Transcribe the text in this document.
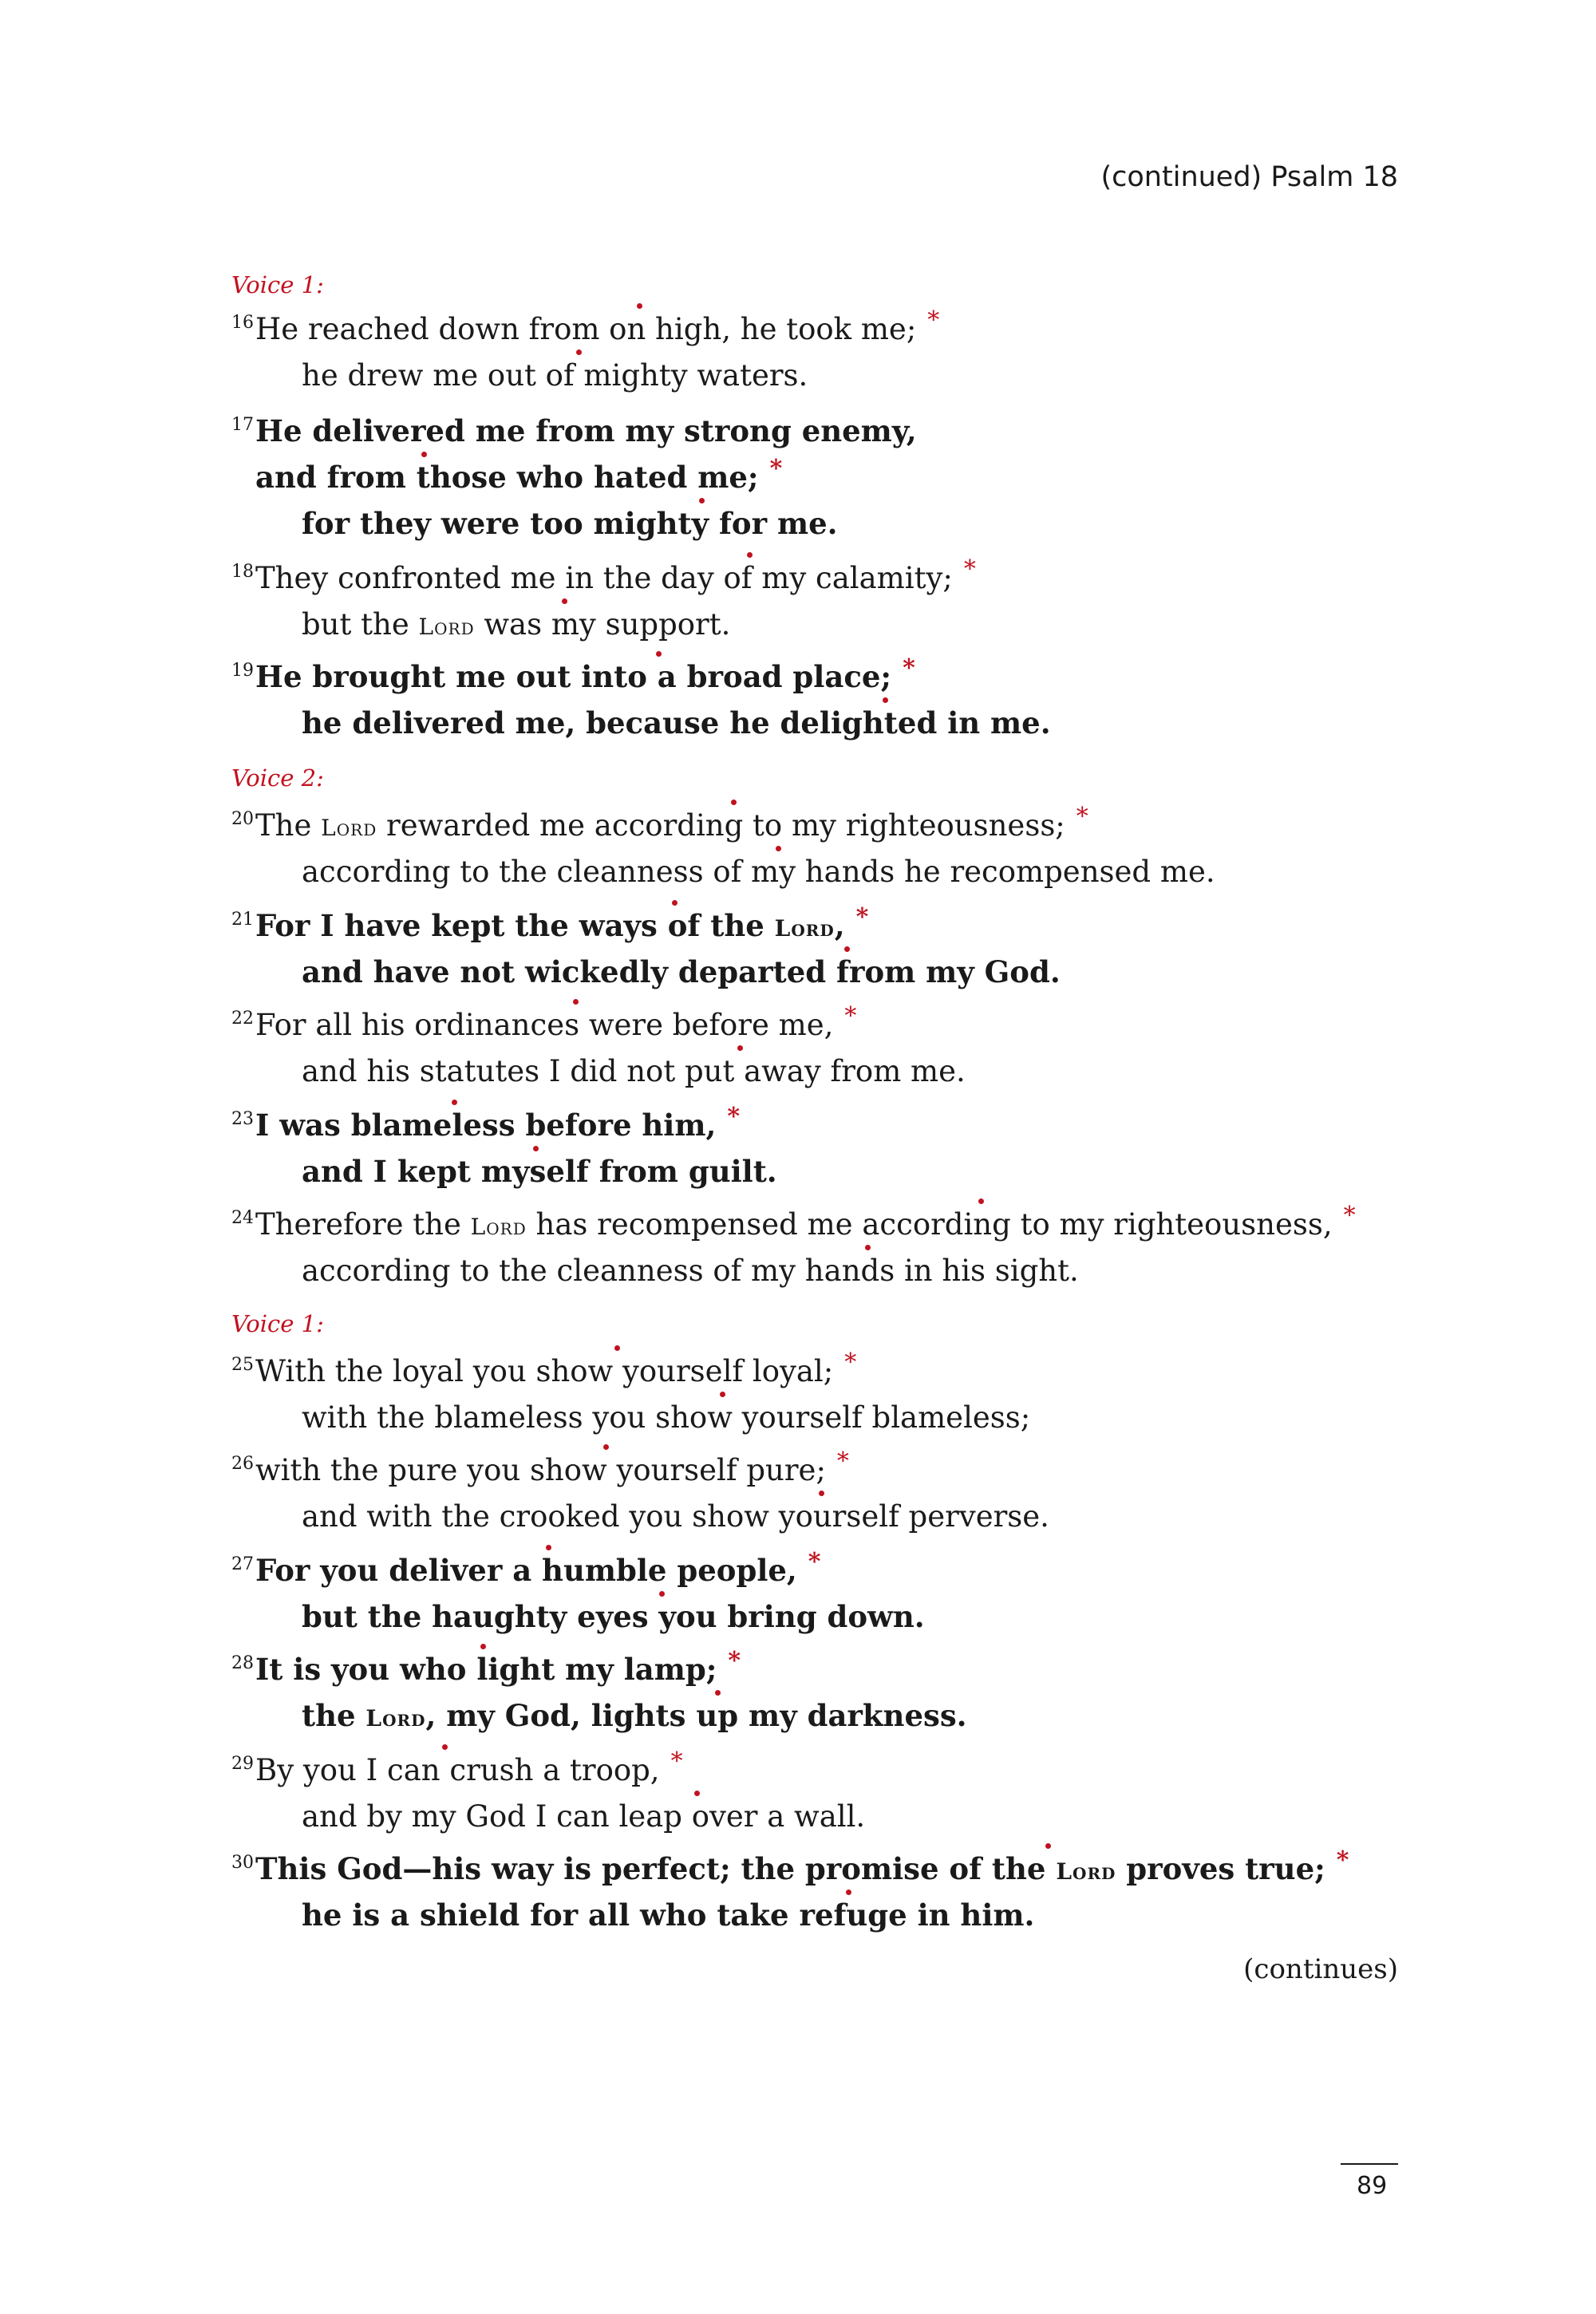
(continued) Psalm 18
Voice 1:
16 He reached down from on high, he took me; *
he drew me out of mighty waters.
17 He delivered me from my strong enemy,
and from those who hated me; *
for they were too mighty for me.
18 They confronted me in the day of my calamity; *
but the Lord was my support.
19 He brought me out into a broad place; *
he delivered me, because he delighted in me.
Voice 2:
20 The Lord rewarded me according to my righteousness; *
according to the cleanness of my hands he recompensed me.
21 For I have kept the ways of the Lord, *
and have not wickedly departed from my God.
22 For all his ordinances were before me, *
and his statutes I did not put away from me.
23 I was blameless before him, *
and I kept myself from guilt.
24 Therefore the Lord has recompensed me according to my righteousness, *
according to the cleanness of my hands in his sight.
Voice 1:
25 With the loyal you show yourself loyal; *
with the blameless you show yourself blameless;
26 with the pure you show yourself pure; *
and with the crooked you show yourself perverse.
27 For you deliver a humble people, *
but the haughty eyes you bring down.
28 It is you who light my lamp; *
the Lord, my God, lights up my darkness.
29 By you I can crush a troop, *
and by my God I can leap over a wall.
30 This God—his way is perfect; the promise of the Lord proves true; *
he is a shield for all who take refuge in him.
(continues)
89
